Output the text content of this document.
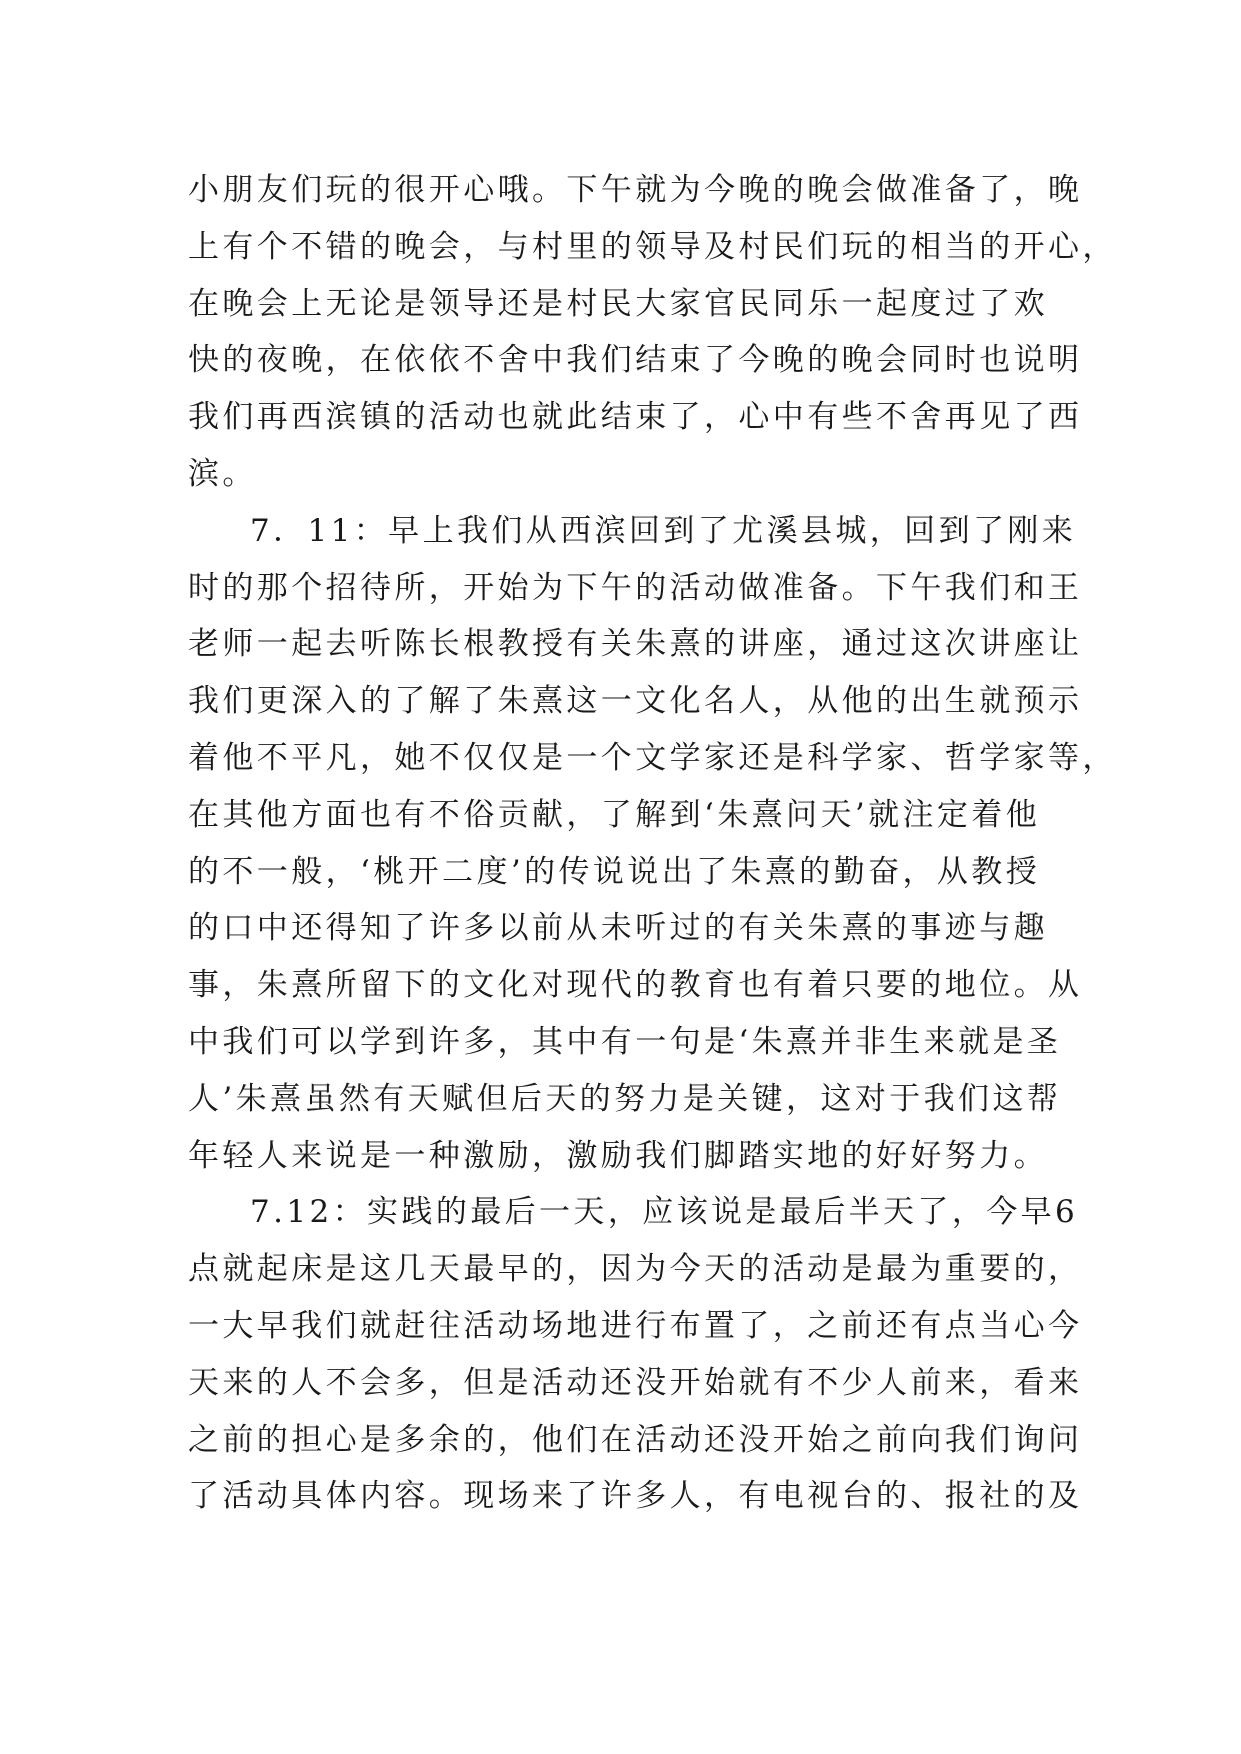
小朋友们玩的很开心哦。下午就为今晚的晚会做准备了，晚
上有个不错的晚会，与村里的领导及村民们玩的相当的开心，
在晚会上无论是领导还是村民大家官民同乐一起度过了欢
快的夜晚，在依依不舍中我们结束了今晚的晚会同时也说明
我们再西滨镇的活动也就此结束了，心中有些不舍再见了西
滨。
7．11：早上我们从西滨回到了尤溪县城，回到了刚来
时的那个招待所，开始为下午的活动做准备。下午我们和王
老师一起去听陈长根教授有关朱熹的讲座，通过这次讲座让
我们更深入的了解了朱熹这一文化名人，从他的出生就预示
着他不平凡，她不仅仅是一个文学家还是科学家、哲学家等，
在其他方面也有不俗贡献，了解到‘朱熹问天’就注定着他
的不一般，‘桃开二度’的传说说出了朱熹的勤奋，从教授
的口中还得知了许多以前从未听过的有关朱熹的事迹与趣
事，朱熹所留下的文化对现代的教育也有着只要的地位。从
中我们可以学到许多，其中有一句是‘朱熹并非生来就是圣
人’朱熹虽然有天赋但后天的努力是关键，这对于我们这帮
年轻人来说是一种激励，激励我们脚踏实地的好好努力。
7.12：实践的最后一天，应该说是最后半天了，今早6
点就起床是这几天最早的，因为今天的活动是最为重要的，
一大早我们就赶往活动场地进行布置了，之前还有点当心今
天来的人不会多，但是活动还没开始就有不少人前来，看来
之前的担心是多余的，他们在活动还没开始之前向我们询问
了活动具体内容。现场来了许多人，有电视台的、报社的及
